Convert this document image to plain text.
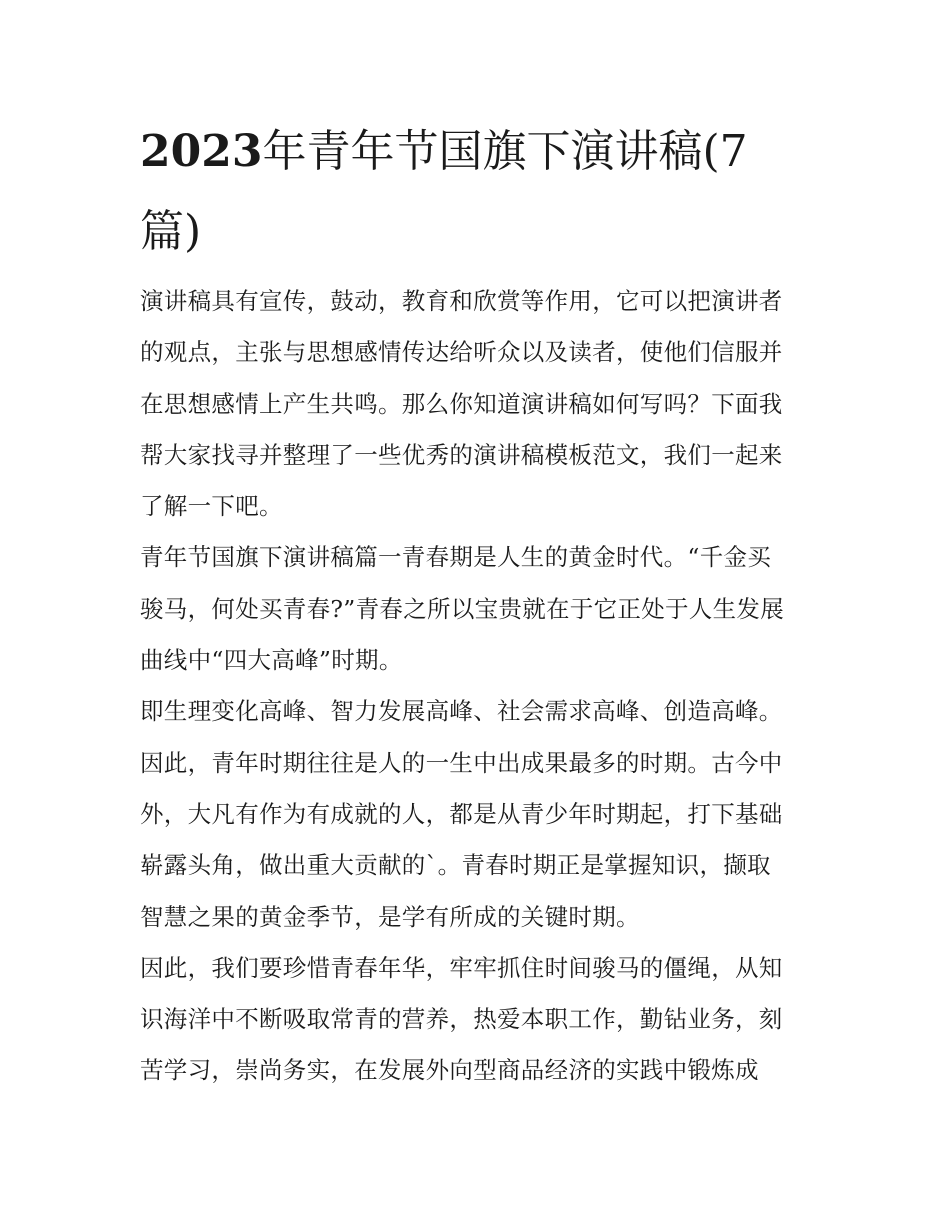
2023年青年节国旗下演讲稿(7
篇)
演讲稿具有宣传，鼓动，教育和欣赏等作用，它可以把演讲者
的观点，主张与思想感情传达给听众以及读者，使他们信服并
在思想感情上产生共鸣。那么你知道演讲稿如何写吗？下面我
帮大家找寻并整理了一些优秀的演讲稿模板范文，我们一起来
了解一下吧。
青年节国旗下演讲稿篇一青春期是人生的黄金时代。“千金买
骏马，何处买青春?”青春之所以宝贵就在于它正处于人生发展
曲线中“四大高峰”时期。
即生理变化高峰、智力发展高峰、社会需求高峰、创造高峰。
因此，青年时期往往是人的一生中出成果最多的时期。古今中
外，大凡有作为有成就的人，都是从青少年时期起，打下基础
崭露头角，做出重大贡献的`。青春时期正是掌握知识，撷取
智慧之果的黄金季节，是学有所成的关键时期。
因此，我们要珍惜青春年华，牢牢抓住时间骏马的僵绳，从知
识海洋中不断吸取常青的营养，热爱本职工作，勤钻业务，刻
苦学习，崇尚务实，在发展外向型商品经济的实践中锻炼成
